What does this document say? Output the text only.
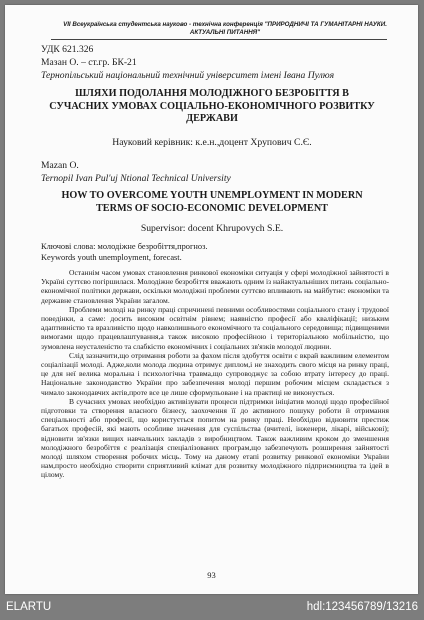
VII Всеукраїнська студентська науково - технічна конференція "ПРИРОДНИЧІ ТА ГУМАНІТАРНІ НАУКИ.
АКТУАЛЬНІ ПИТАННЯ"
УДК 621.326
Мазан О. – ст.гр. БК-21
Тернопільський національний технічний університет імені Івана Пулюя
ШЛЯХИ ПОДОЛАННЯ МОЛОДІЖНОГО БЕЗРОБІТТЯ В
СУЧАСНИХ УМОВАХ СОЦІАЛЬНО-ЕКОНОМІЧНОГО РОЗВИТКУ
ДЕРЖАВИ
Науковий керівник: к.е.н.,доцент Хрупович С.Є.
Mazan O.
Ternopil Ivan Pul'uj Ntional Technical University
HOW TO OVERCOME YOUTH UNEMPLOYMENT IN MODERN
TERMS OF SOCIO-ECONOMIC DEVELOPMENT
Supervisor: docent Khrupovych S.E.
Ключові слова: молодіжне безробіття,прогноз.
Keywords youth unemployment, forecast.

Останнім часом умовах становлення ринкової економіки ситуація у сфері молодіжної зайнятості в Україні суттєво погіршилася. Молодіжне безробіття вважають одним із найактуальніших питань соціально-економічної політики держави, оскільки молодіжні проблеми суттєво впливають на майбутнє: економіки та державне становлення України загалом.

Проблеми молоді на ринку праці спричинені певними особливостями соціального стану і трудової поведінки, а саме: досить високим освітнім рівнем; наявністю професії або кваліфікації; низьким адаптивністю та вразливістю щодо навколишнього економічного та соціального середовища; підвищеними вимогами щодо працевлаштування,а також високою професійною і територіальною мобільністю, що зумовлена неусталеністю та слабкістю економічних і соціальних зв'язків молодої людини.

Слід зазначити,що отримання роботи за фахом після здобуття освіти є вкрай важливим елементом соціалізації молоді. Адже,коли молода людина отримує диплом,і не знаходить свого місця на ринку праці, це для неї велика моральна і психологічна травма,що супроводжує за собою втрату інтересу до праці. Національне законодавство України про забезпечення молоді першим робочим місцем складається з чимало законодавчих актів,проте все це лише сформульоване і на практиці не виконується.

В сучасних умовах необхідно активізувати процеси підтримки ініціатив молоді щодо професійної підготовки та створення власного бізнесу, заохочення її до активного пошуку роботи й отримання спеціальності або професії, що користується попитом на ринку праці. Необхідно відновити престиж багатьох професій, які мають особливе значення для суспільства (вчителі, інженери, лікарі, військові); відновити зв'язки вищих навчальних закладів з виробництвом. Також важливим кроком до зменшення молодіжного безробіття є реалізація спеціалізованих програм,що забезпечують розширення зайнятості молоді шляхом створення робочих місць. Тому на даному етапі розвитку ринкової економіки України нам,просто необхідно створити сприятливий клімат для розвитку молодіжного підприємництва та ідей в цілому.

93
ELARTU	hdl:123456789/13216
